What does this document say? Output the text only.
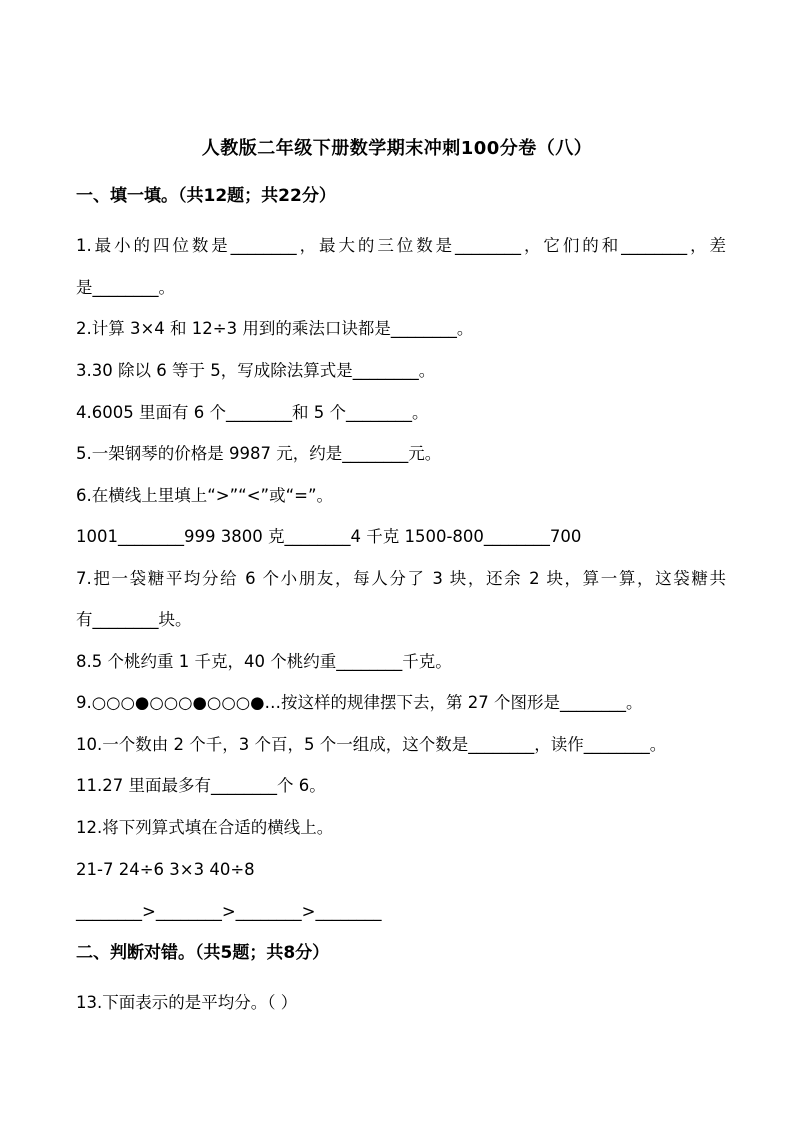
人教版二年级下册数学期末冲刺100分卷（八）
一、填一填。（共12题；共22分）
1.最小的四位数是________，最大的三位数是________，它们的和________，差
是________。
2.计算 3×4 和 12÷3 用到的乘法口诀都是________。
3.30 除以 6 等于 5，写成除法算式是________。
4.6005 里面有 6 个________和 5 个________。
5.一架钢琴的价格是 9987 元，约是________元。
6.在横线上里填上“>”“<”或“=”。
1001________999 3800 克________4 千克 1500-800________700
7.把一袋糖平均分给 6 个小朋友，每人分了 3 块，还余 2 块，算一算，这袋糖共
有________块。
8.5 个桃约重 1 千克，40 个桃约重________千克。
9.○○○●○○○●○○○●…按这样的规律摆下去，第 27 个图形是________。
10.一个数由 2 个千，3 个百，5 个一组成，这个数是________，读作________。
11.27 里面最多有________个 6。
12.将下列算式填在合适的横线上。
21-7 24÷6 3×3 40÷8
________>________>________>________
二、判断对错。（共5题；共8分）
13.下面表示的是平均分。（ ）
